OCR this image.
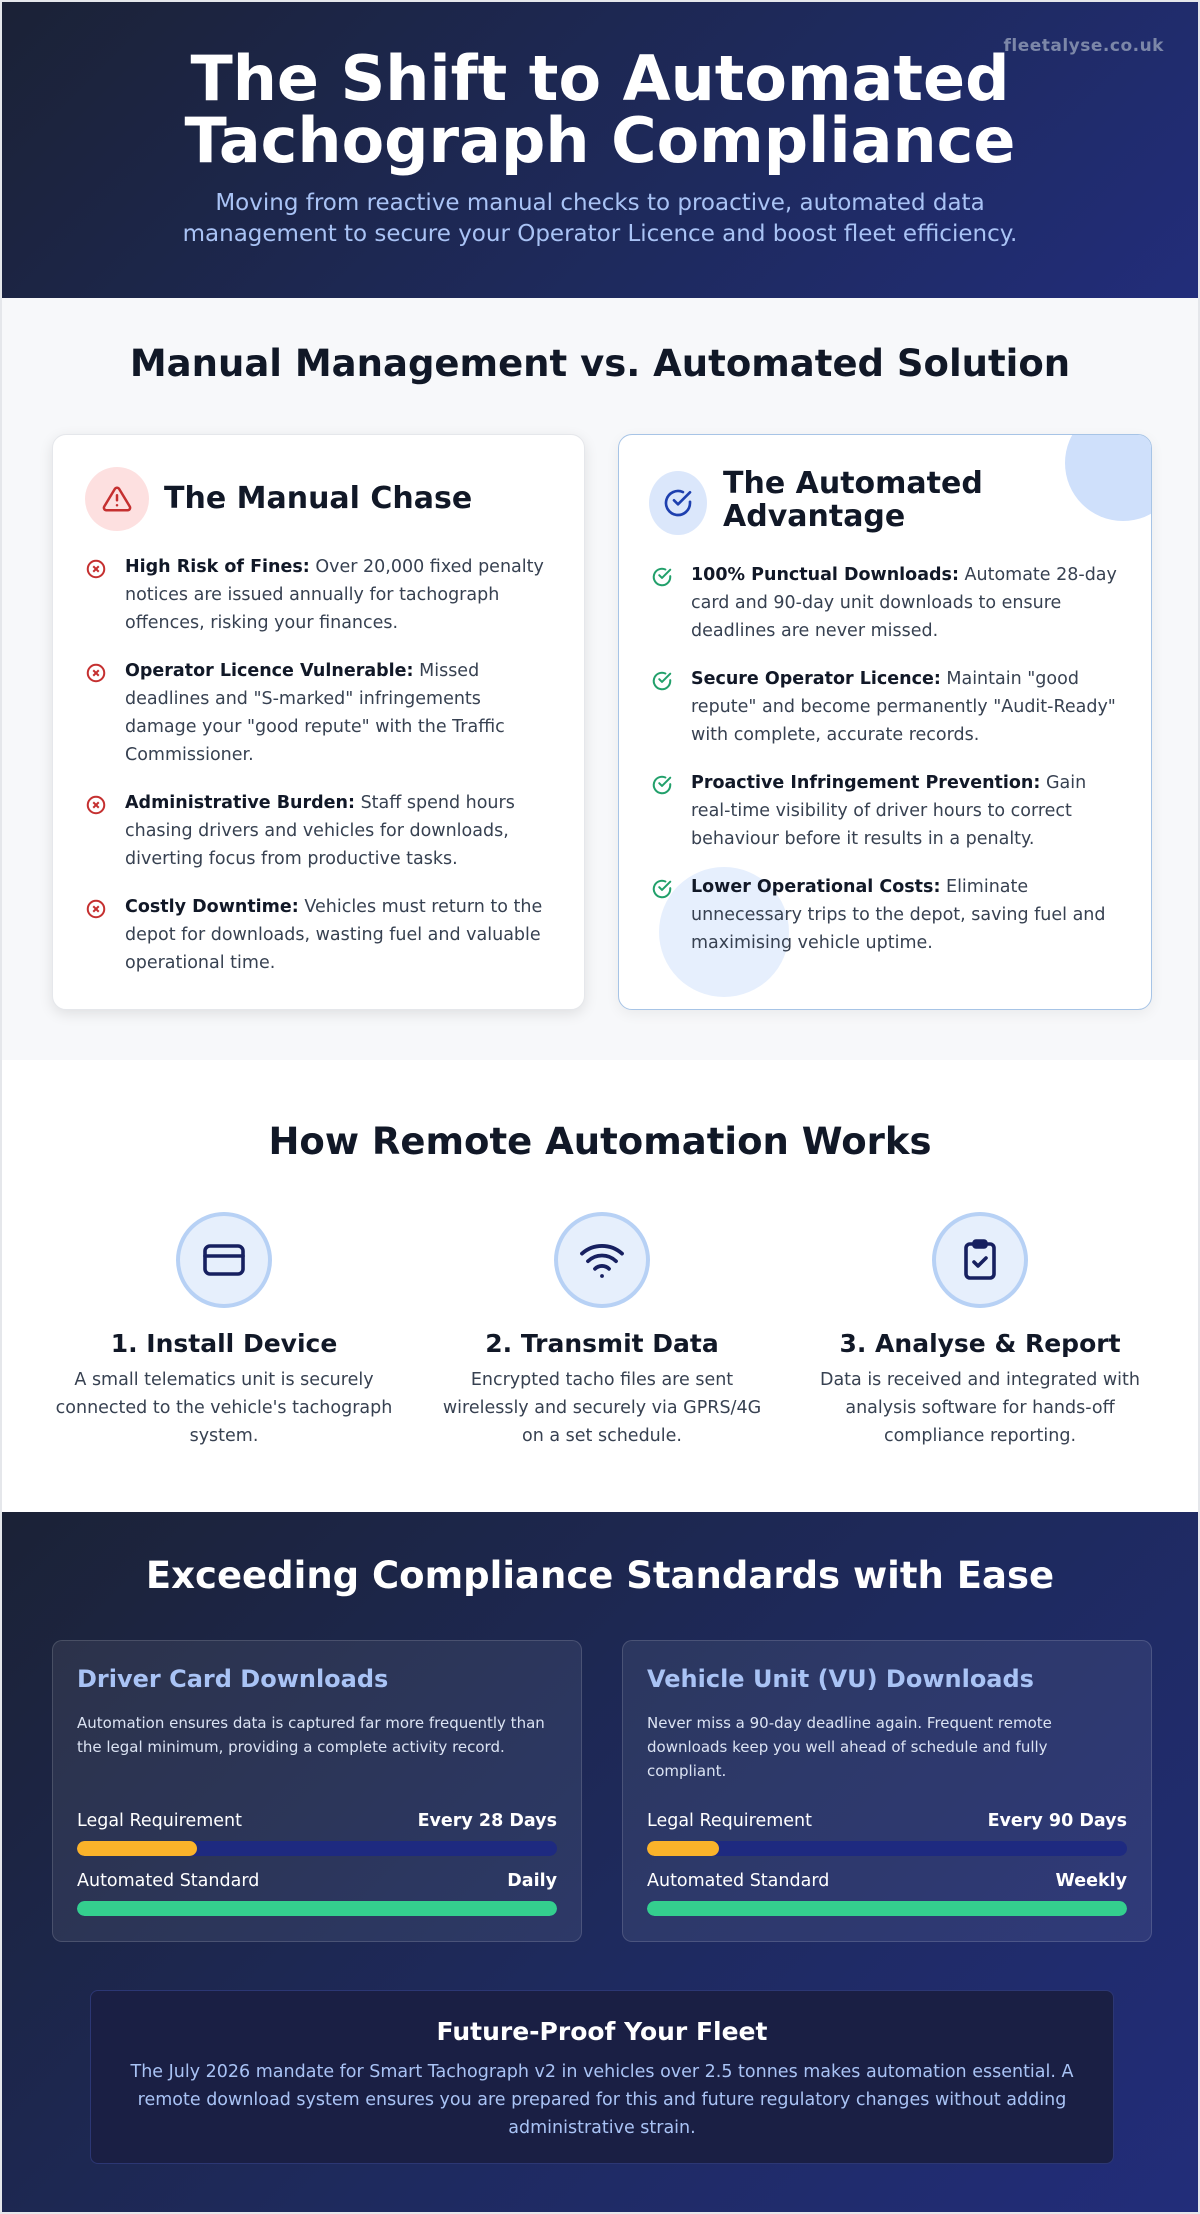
fleetalyse.co.uk
The Shift to Automated Tachograph Compliance

Moving from reactive manual checks to proactive, automated data management to secure your Operator Licence and boost fleet efficiency.

Manual Management vs. Automated Solution
The Manual Chase
High Risk of Fines: Over 20,000 fixed penalty notices are issued annually for tachograph offences, risking your finances.
Operator Licence Vulnerable: Missed deadlines and "S-marked" infringements damage your "good repute" with the Traffic Commissioner.
Administrative Burden: Staff spend hours chasing drivers and vehicles for downloads, diverting focus from productive tasks.
Costly Downtime: Vehicles must return to the depot for downloads, wasting fuel and valuable operational time.
The Automated Advantage
100% Punctual Downloads: Automate 28-day card and 90-day unit downloads to ensure deadlines are never missed.
Secure Operator Licence: Maintain "good repute" and become permanently "Audit-Ready" with complete, accurate records.
Proactive Infringement Prevention: Gain real-time visibility of driver hours to correct behaviour before it results in a penalty.
Lower Operational Costs: Eliminate unnecessary trips to the depot, saving fuel and maximising vehicle uptime.
How Remote Automation Works
1. Install Device

A small telematics unit is securely connected to the vehicle's tachograph system.

2. Transmit Data

Encrypted tacho files are sent wirelessly and securely via GPRS/4G on a set schedule.

3. Analyse & Report

Data is received and integrated with analysis software for hands-off compliance reporting.

Exceeding Compliance Standards with Ease
Driver Card Downloads
Automation ensures data is captured far more frequently than the legal minimum, providing a complete activity record.
Legal Requirement	Every 28 Days
Automated Standard	Daily
Vehicle Unit (VU) Downloads
Never miss a 90-day deadline again. Frequent remote downloads keep you well ahead of schedule and fully compliant.
Legal Requirement	Every 90 Days
Automated Standard	Weekly
Future-Proof Your Fleet

The July 2026 mandate for Smart Tachograph v2 in vehicles over 2.5 tonnes makes automation essential. A remote download system ensures you are prepared for this and future regulatory changes without adding administrative strain.
